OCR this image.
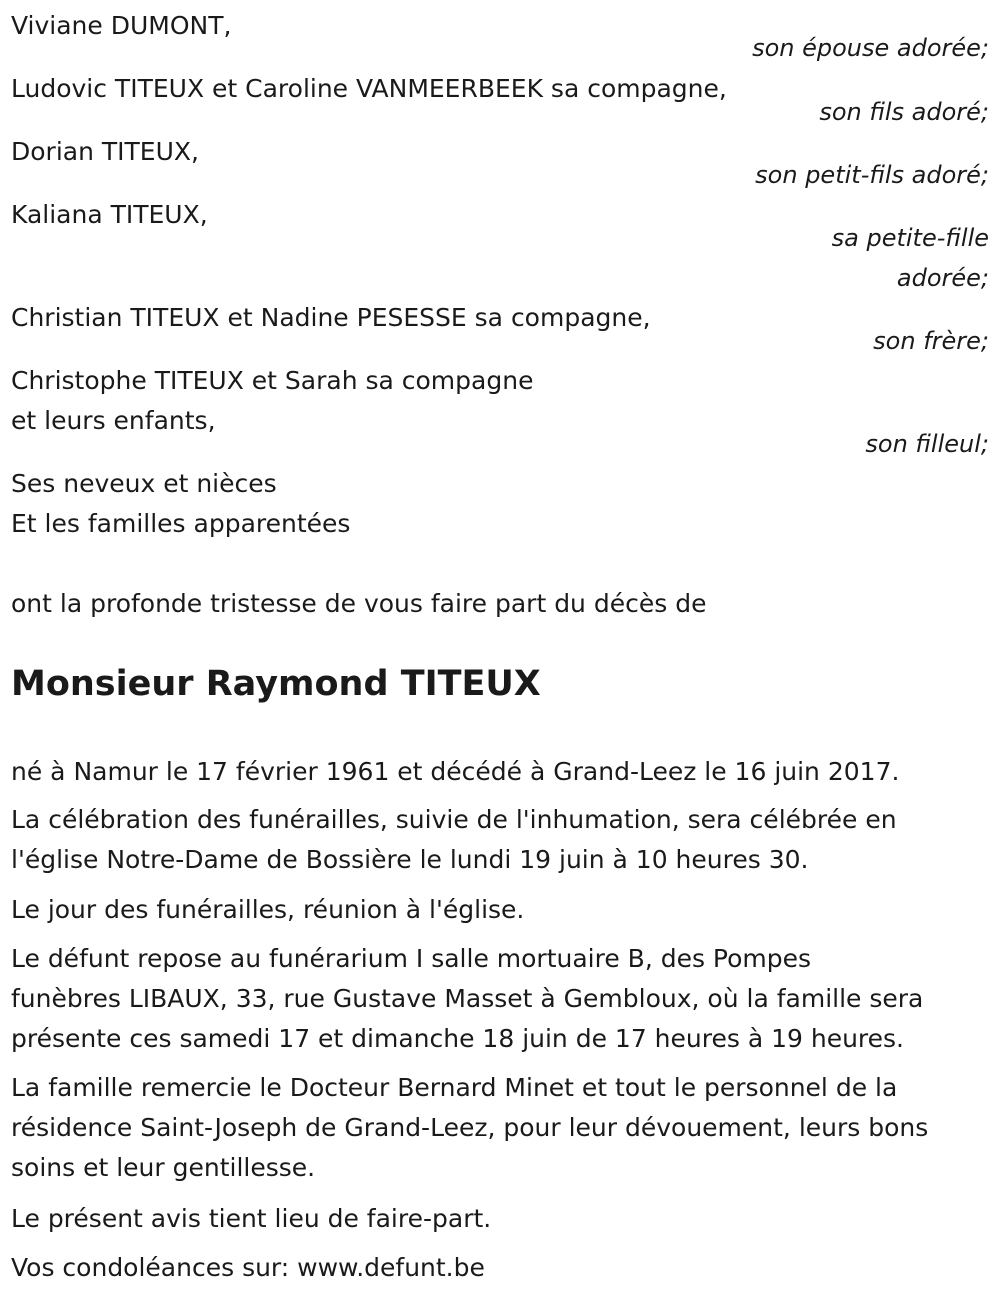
Viviane DUMONT,
son épouse adorée;
Ludovic TITEUX et Caroline VANMEERBEEK sa compagne,
son fils adoré;
Dorian TITEUX,
son petit-fils adoré;
Kaliana TITEUX,
sa petite-fille
adorée;
Christian TITEUX et Nadine PESESSE sa compagne,
son frère;
Christophe TITEUX et Sarah sa compagne
et leurs enfants,
son filleul;
Ses neveux et nièces
Et les familles apparentées
ont la profonde tristesse de vous faire part du décès de
Monsieur Raymond TITEUX
né à Namur le 17 février 1961 et décédé à Grand-Leez le 16 juin 2017.
La célébration des funérailles, suivie de l'inhumation, sera célébrée en
l'église Notre-Dame de Bossière le lundi 19 juin à 10 heures 30.
Le jour des funérailles, réunion à l'église.
Le défunt repose au funérarium I salle mortuaire B, des Pompes
funèbres LIBAUX, 33, rue Gustave Masset à Gembloux, où la famille sera
présente ces samedi 17 et dimanche 18 juin de 17 heures à 19 heures.
La famille remercie le Docteur Bernard Minet et tout le personnel de la
résidence Saint-Joseph de Grand-Leez, pour leur dévouement, leurs bons
soins et leur gentillesse.
Le présent avis tient lieu de faire-part.
Vos condoléances sur: www.defunt.be
